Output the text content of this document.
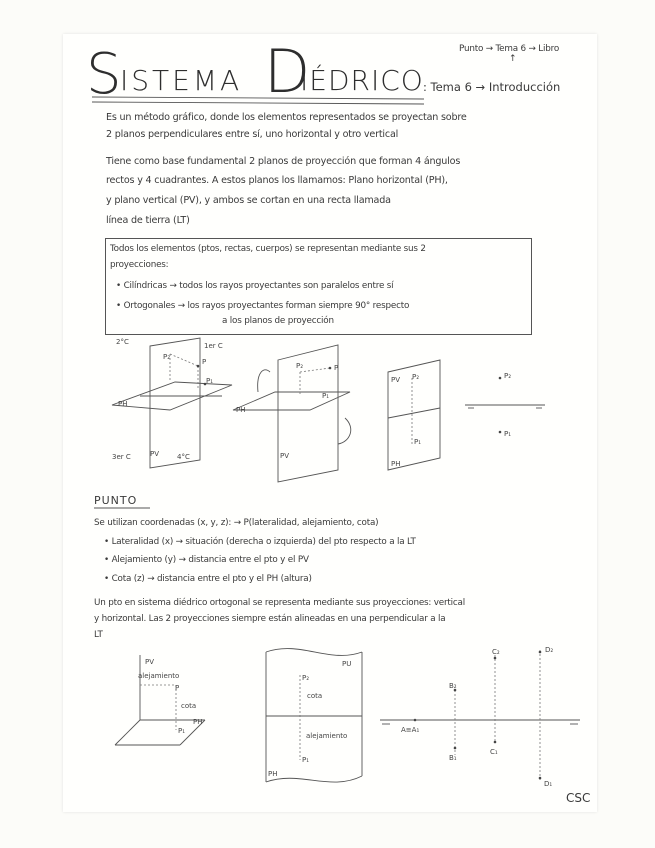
Punto → Tema 6 → Libro
↑
S
ISTEMA D
IÉDRICO : Tema 6 → Introducción
Es un método gráfico, donde los elementos representados se proyectan sobre
2 planos perpendiculares entre sí, uno horizontal y otro vertical
Tiene como base fundamental 2 planos de proyección que forman 4 ángulos
rectos y 4 cuadrantes. A estos planos los llamamos: Plano horizontal (PH),
y plano vertical (PV), y ambos se cortan en una recta llamada
línea de tierra (LT)
Todos los elementos (ptos, rectas, cuerpos) se representan mediante sus 2
proyecciones:
• Cilíndricas → todos los rayos proyectantes son paralelos entre sí
• Ortogonales → los rayos proyectantes forman siempre 90° respecto
a los planos de proyección
2°C	1er C
P₂
P
P₁
PH
3er C	PV	4°C
P₂	P
P₁
PH
PV
PV P₂
P₁
PH
P₂
P₁
PUNTO
Se utilizan coordenadas (x, y, z): → P(lateralidad, alejamiento, cota)
• Lateralidad (x) → situación (derecha o izquierda) del pto respecto a la LT
• Alejamiento (y) → distancia entre el pto y el PV
• Cota (z) → distancia entre el pto y el PH (altura)
Un pto en sistema diédrico ortogonal se representa mediante sus proyecciones: vertical
y horizontal. Las 2 proyecciones siempre están alineadas en una perpendicular a la
LT
PV
alejamiento
P
cota
P₁
PH
P₂
PU
cota
alejamiento
P₁
PH
A≡A₁
B₂
B₁
C₂
C₁
D₂
D₁
CSC
